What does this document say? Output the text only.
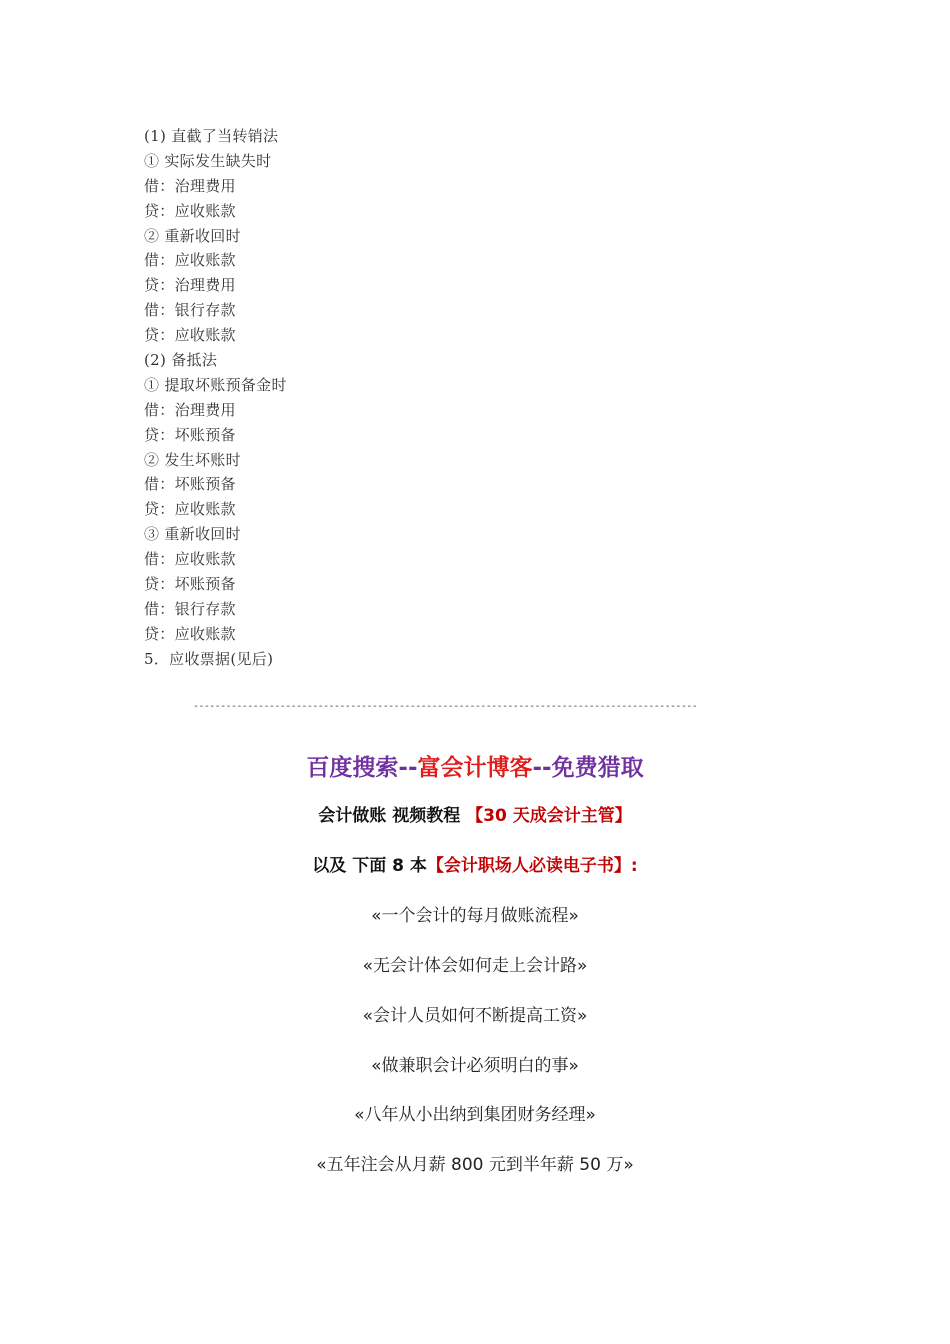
(1) 直截了当转销法
① 实际发生缺失时
借：治理费用
贷：应收账款
② 重新收回时
借：应收账款
贷：治理费用
借：银行存款
贷：应收账款
(2) 备抵法
① 提取坏账预备金时
借：治理费用
贷：坏账预备
② 发生坏账时
借：坏账预备
贷：应收账款
③ 重新收回时
借：应收账款
贷：坏账预备
借：银行存款
贷：应收账款
5．应收票据(见后)
---------------------------------------------------------------------------------------------
百度搜索--富会计博客--免费猎取
会计做账 视频教程 【30 天成会计主管】
以及 下面 8 本【会计职场人必读电子书】:
«一个会计的每月做账流程»
«无会计体会如何走上会计路»
«会计人员如何不断提高工资»
«做兼职会计必须明白的事»
«八年从小出纳到集团财务经理»
«五年注会从月薪 800 元到半年薪 50 万»
